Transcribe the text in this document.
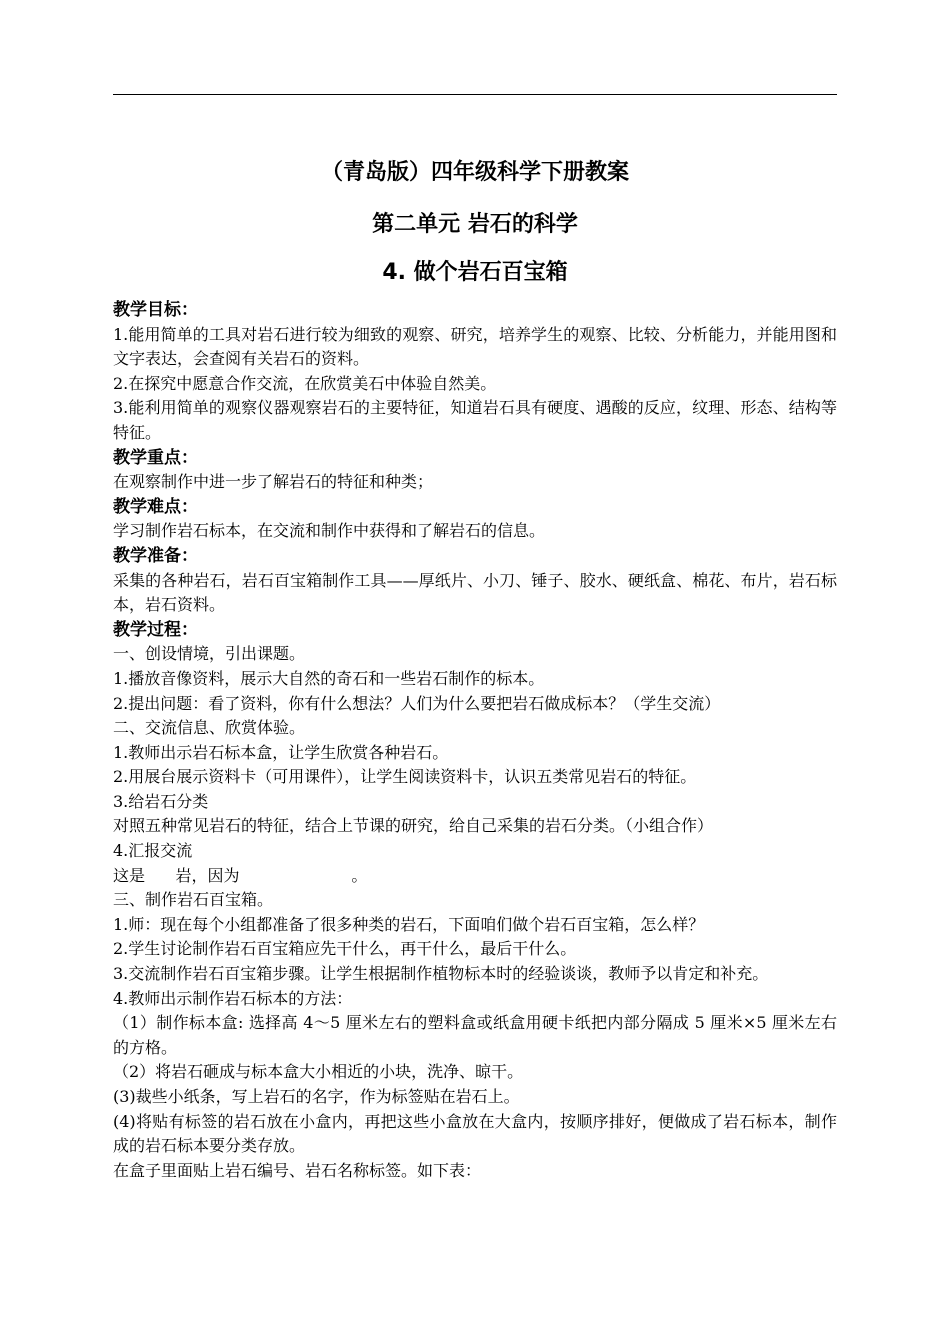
（青岛版）四年级科学下册教案
第二单元 岩石的科学
4. 做个岩石百宝箱
教学目标：

1.能用简单的工具对岩石进行较为细致的观察、研究，培养学生的观察、比较、分析能力，并能用图和文字表达，会查阅有关岩石的资料。

2.在探究中愿意合作交流，在欣赏美石中体验自然美。

3.能利用简单的观察仪器观察岩石的主要特征，知道岩石具有硬度、遇酸的反应，纹理、形态、结构等特征。

教学重点：

在观察制作中进一步了解岩石的特征和种类；

教学难点：

学习制作岩石标本，在交流和制作中获得和了解岩石的信息。

教学准备：

采集的各种岩石，岩石百宝箱制作工具——厚纸片、小刀、锤子、胶水、硬纸盒、棉花、布片，岩石标本，岩石资料。

教学过程：

一、创设情境，引出课题。

1.播放音像资料，展示大自然的奇石和一些岩石制作的标本。

2.提出问题：看了资料，你有什么想法？人们为什么要把岩石做成标本？（学生交流）

二、交流信息、欣赏体验。

1.教师出示岩石标本盒，让学生欣赏各种岩石。

2.用展台展示资料卡（可用课件），让学生阅读资料卡，认识五类常见岩石的特征。

3.给岩石分类

对照五种常见岩石的特征，结合上节课的研究，给自己采集的岩石分类。（小组合作）

4.汇报交流

这是      岩，因为                      。

三、制作岩石百宝箱。

1.师：现在每个小组都准备了很多种类的岩石，下面咱们做个岩石百宝箱，怎么样？

2.学生讨论制作岩石百宝箱应先干什么，再干什么，最后干什么。

3.交流制作岩石百宝箱步骤。让学生根据制作植物标本时的经验谈谈，教师予以肯定和补充。

4.教师出示制作岩石标本的方法：

（1）制作标本盒: 选择高 4～5 厘米左右的塑料盒或纸盒用硬卡纸把内部分隔成 5 厘米×5 厘米左右的方格。

（2）将岩石砸成与标本盒大小相近的小块，洗净、晾干。

(3)裁些小纸条，写上岩石的名字，作为标签贴在岩石上。

(4)将贴有标签的岩石放在小盒内，再把这些小盒放在大盒内，按顺序排好，便做成了岩石标本，制作成的岩石标本要分类存放。

在盒子里面贴上岩石编号、岩石名称标签。如下表：
